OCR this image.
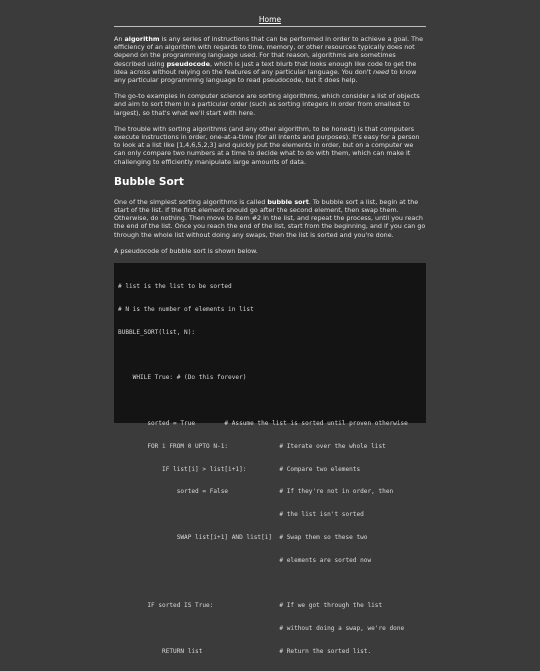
Home

An algorithm is any series of instructions that can be performed in order to achieve a goal. The efficiency of an algorithm with regards to time, memory, or other resources typically does not depend on the programming language used. For that reason, algorithms are sometimes described using pseudocode, which is just a text blurb that looks enough like code to get the idea across without relying on the features of any particular language. You don't need to know any particular programming language to read pseudocode, but it does help.

The go-to examples in computer science are sorting algorithms, which consider a list of objects and aim to sort them in a particular order (such as sorting integers in order from smallest to largest), so that's what we'll start with here.

The trouble with sorting algorithms (and any other algorithm, to be honest) is that computers execute instructions in order, one-at-a-time (for all intents and purposes). It's easy for a person to look at a list like [1,4,6,5,2,3] and quickly put the elements in order, but on a computer we can only compare two numbers at a time to decide what to do with them, which can make it challenging to efficiently manipulate large amounts of data.

Bubble Sort

One of the simplest sorting algorithms is called bubble sort. To bubble sort a list, begin at the start of the list. If the first element should go after the second element, then swap them. Otherwise, do nothing. Then move to item #2 in the list, and repeat the process, until you reach the end of the list. Once you reach the end of the list, start from the beginning, and if you can go through the whole list without doing any swaps, then the list is sorted and you're done.

A pseudocode of bubble sort is shown below.

# list is the list to be sorted

# N is the number of elements in list

BUBBLE_SORT(list, N):

WHILE True: # (Do this forever)

sorted = True        # Assume the list is sorted until proven otherwise

FOR i FROM 0 UPTO N-1:              # Iterate over the whole list

IF list[i] > list[i+1]:         # Compare two elements

sorted = False              # If they're not in order, then

# the list isn't sorted

SWAP list[i+1] AND list[i]  # Swap them so these two

# elements are sorted now

IF sorted IS True:                  # If we got through the list

# without doing a swap, we're done

RETURN list                     # Return the sorted list.
